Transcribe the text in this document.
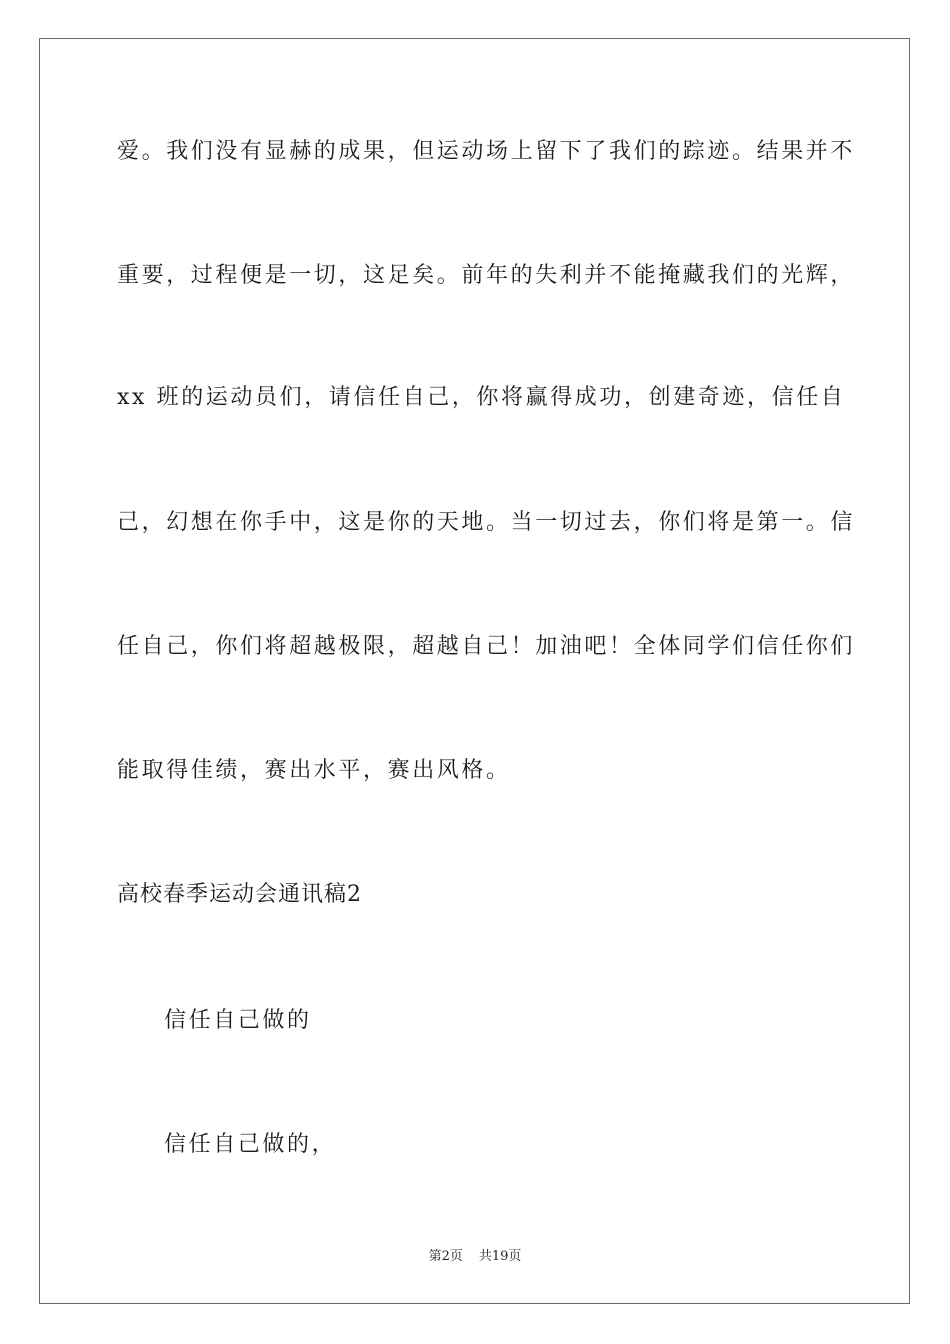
爱。我们没有显赫的成果，但运动场上留下了我们的踪迹。结果并不
重要，过程便是一切，这足矣。前年的失利并不能掩藏我们的光辉，
xx 班的运动员们，请信任自己，你将赢得成功，创建奇迹，信任自
己，幻想在你手中，这是你的天地。当一切过去，你们将是第一。信
任自己，你们将超越极限，超越自己！加油吧！全体同学们信任你们
能取得佳绩，赛出水平，赛出风格。
高校春季运动会通讯稿2
信任自己做的
信任自己做的，
第2页 共19页
